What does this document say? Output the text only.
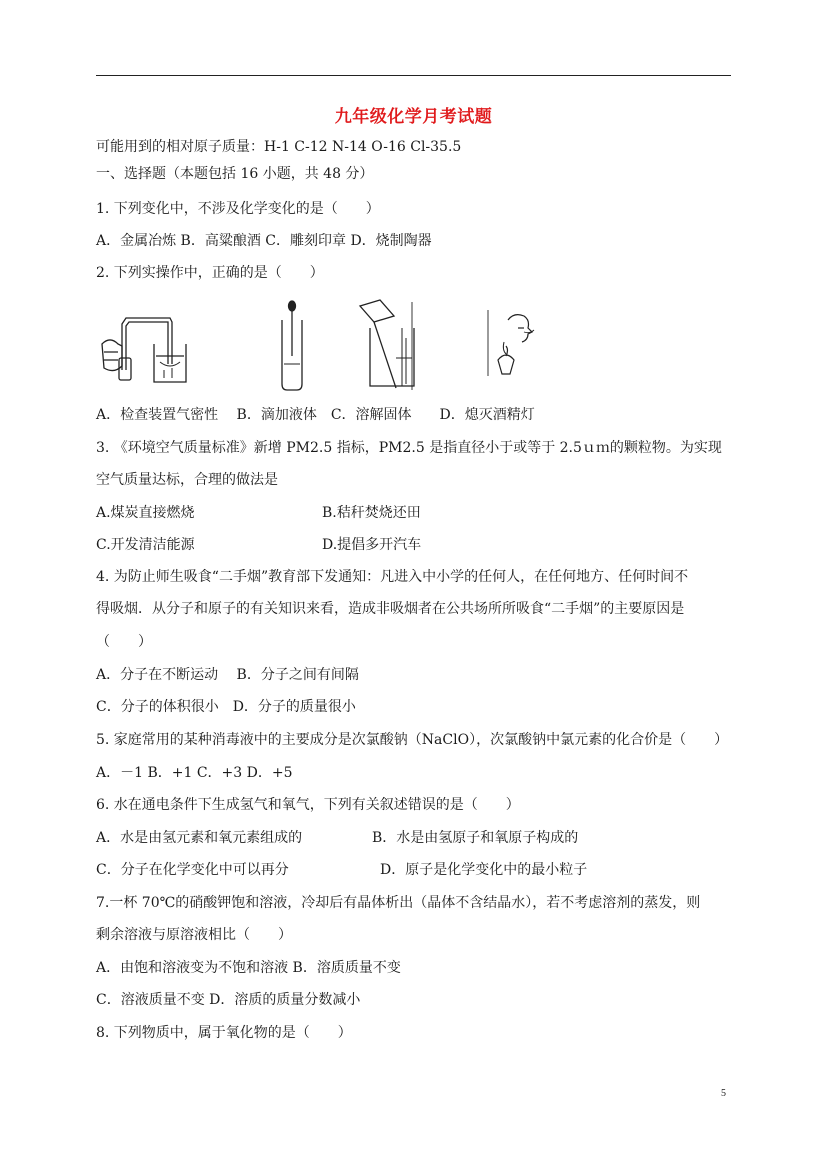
九年级化学月考试题
可能用到的相对原子质量：H-1 C-12 N-14 O-16 Cl-35.5
一、选择题（本题包括 16 小题，共 48 分）
1. 下列变化中，不涉及化学变化的是（　　）
A．金属冶炼 B．高粱酿酒 C．雕刻印章 D．烧制陶器
2. 下列实操作中，正确的是（　　）
A．检查装置气密性　 B．滴加液体　C．溶解固体　　D．熄灭酒精灯
3. 《环境空气质量标准》新增 PM2.5 指标，PM2.5 是指直径小于或等于 2.5ｕｍ的颗粒物。为实现
空气质量达标，合理的做法是
A.煤炭直接燃烧	B.秸秆焚烧还田
C.开发清洁能源	D.提倡多开汽车
4. 为防止师生吸食“二手烟”教育部下发通知：凡进入中小学的任何人，在任何地方、任何时间不
得吸烟．从分子和原子的有关知识来看，造成非吸烟者在公共场所所吸食“二手烟”的主要原因是
（　　）
A．分子在不断运动　 B．分子之间有间隔
C．分子的体积很小　D．分子的质量很小
5. 家庭常用的某种消毒液中的主要成分是次氯酸钠（NaClO），次氯酸钠中氯元素的化合价是（　　）
A．－1 B．+1 C．+3 D．+5
6. 水在通电条件下生成氢气和氧气，下列有关叙述错误的是（　　）
A．水是由氢元素和氧元素组成的	B．水是由氢原子和氧原子构成的
C．分子在化学变化中可以再分	D．原子是化学变化中的最小粒子
7.一杯 70℃的硝酸钾饱和溶液，冷却后有晶体析出（晶体不含结晶水），若不考虑溶剂的蒸发，则
剩余溶液与原溶液相比（　　）
A．由饱和溶液变为不饱和溶液 B．溶质质量不变
C．溶液质量不变 D．溶质的质量分数减小
8. 下列物质中，属于氧化物的是（　　）
5
